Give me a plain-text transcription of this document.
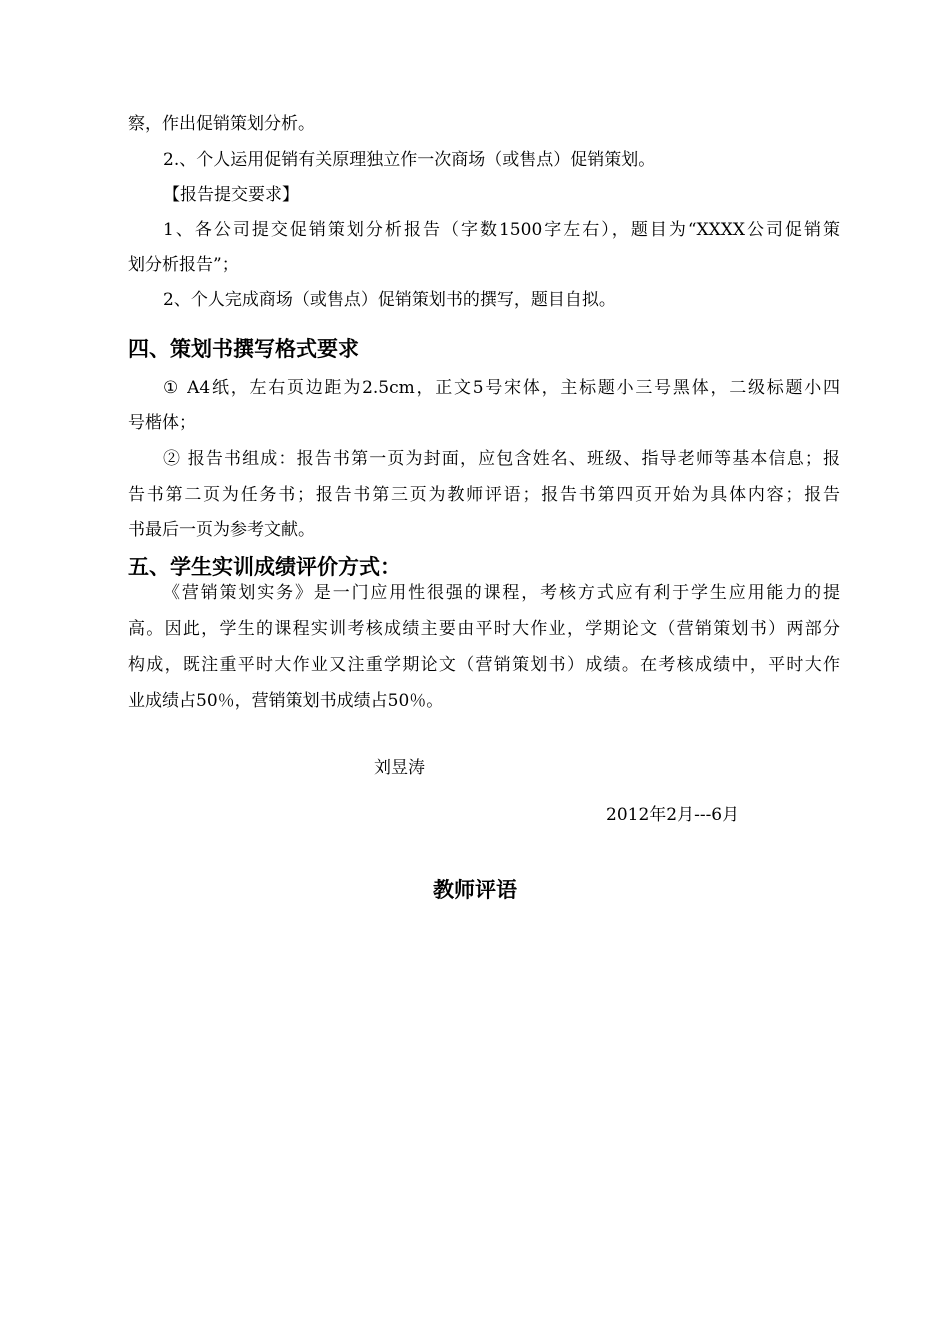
察，作出促销策划分析。
2.、个人运用促销有关原理独立作一次商场（或售点）促销策划。
【报告提交要求】
1、各公司提交促销策划分析报告（字数1500字左右），题目为“XXXX公司促销策
划分析报告”；
2、个人完成商场（或售点）促销策划书的撰写，题目自拟。
四、策划书撰写格式要求
① A4纸，左右页边距为2.5cm，正文5号宋体，主标题小三号黑体，二级标题小四
号楷体；
② 报告书组成：报告书第一页为封面，应包含姓名、班级、指导老师等基本信息；报
告书第二页为任务书；报告书第三页为教师评语；报告书第四页开始为具体内容；报告
书最后一页为参考文献。
五、学生实训成绩评价方式：
《营销策划实务》是一门应用性很强的课程，考核方式应有利于学生应用能力的提
高。因此，学生的课程实训考核成绩主要由平时大作业，学期论文（营销策划书）两部分
构成，既注重平时大作业又注重学期论文（营销策划书）成绩。在考核成绩中，平时大作
业成绩占50％，营销策划书成绩占50％。
刘昱涛
2012年2月---6月
教师评语
